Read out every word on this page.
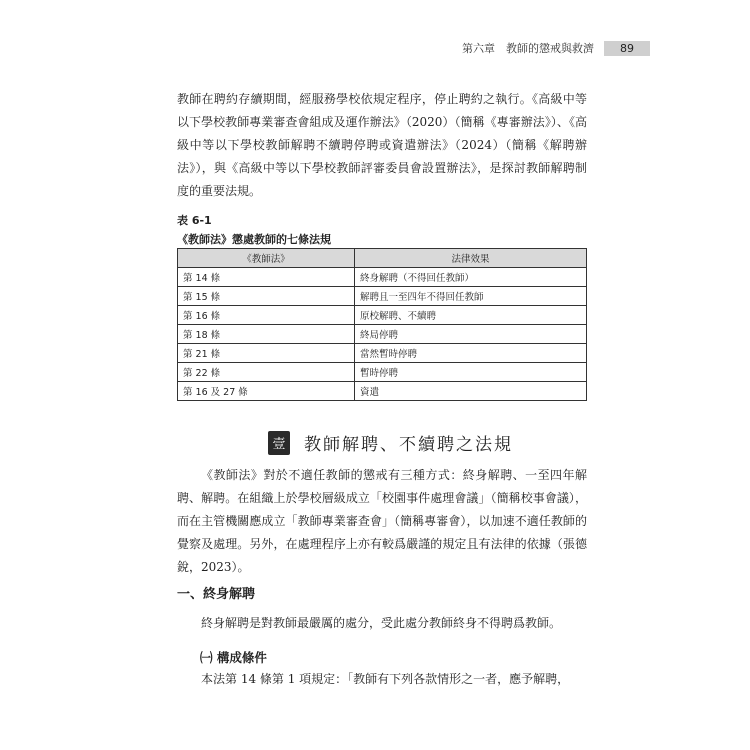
第六章　教師的懲戒與救濟	89

教師在聘約存續期間，經服務學校依規定程序，停止聘約之執行。《高級中等以下學校教師專業審查會組成及運作辦法》（2020）（簡稱《專審辦法》）、《高級中等以下學校教師解聘不續聘停聘或資遣辦法》（2024）（簡稱《解聘辦法》），與《高級中等以下學校教師評審委員會設置辦法》，是探討教師解聘制度的重要法規。

表 6-1
《教師法》懲處教師的七條法規
《教師法》	法律效果
第 14 條	終身解聘（不得回任教師）
第 15 條	解聘且一至四年不得回任教師
第 16 條	原校解聘、不續聘
第 18 條	終局停聘
第 21 條	當然暫時停聘
第 22 條	暫時停聘
第 16 及 27 條	資遣
壹 教師解聘、不續聘之法規

《教師法》對於不適任教師的懲戒有三種方式：終身解聘、一至四年解聘、解聘。在組織上於學校層級成立「校園事件處理會議」（簡稱校事會議），而在主管機關應成立「教師專業審查會」（簡稱專審會），以加速不適任教師的覺察及處理。另外，在處理程序上亦有較爲嚴謹的規定且有法律的依據（張德銳，2023）。

一、終身解聘

終身解聘是對教師最嚴厲的處分，受此處分教師終身不得聘爲教師。

㈠ 構成條件

本法第 14 條第 1 項規定：「教師有下列各款情形之一者，應予解聘，
